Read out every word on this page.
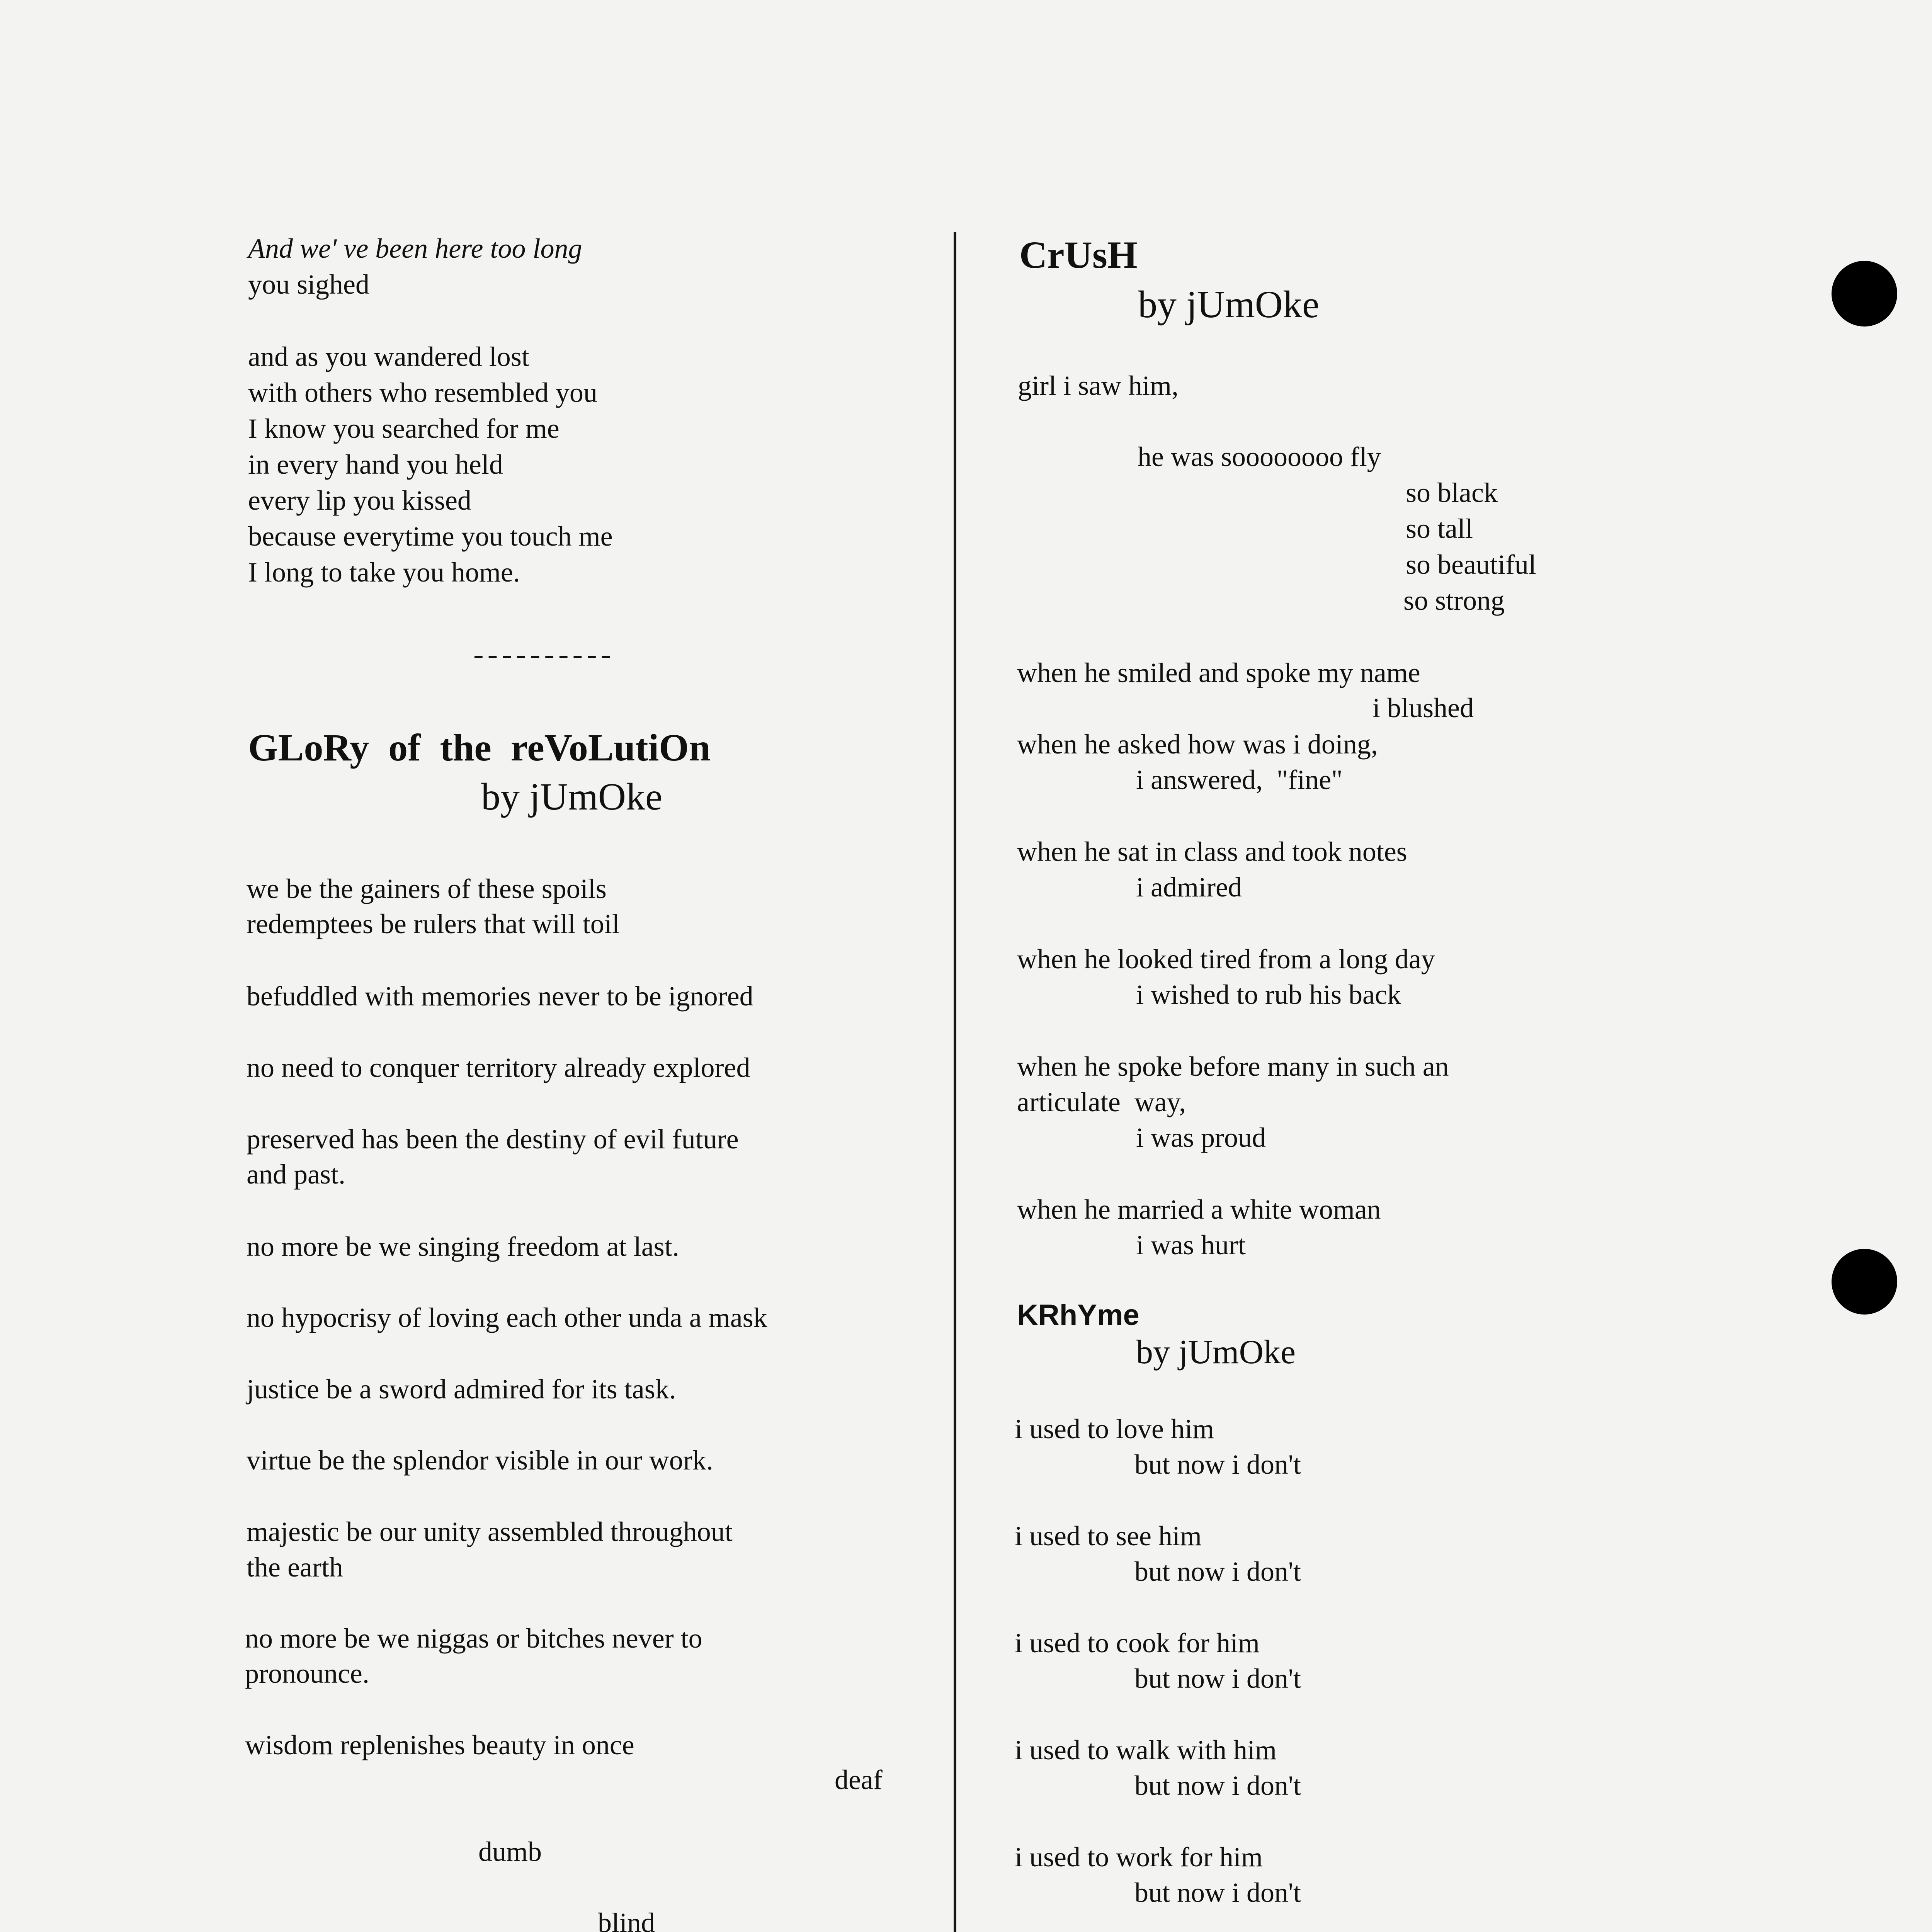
And we' ve been here too long
you sighed
and as you wandered lost
with others who resembled you
I know you searched for me
in every hand you held
every lip you kissed
because everytime you touch me
I long to take you home.
----------
GLoRy  of  the  reVoLutiOn
by jUmOke
we be the gainers of these spoils
redemptees be rulers that will toil
befuddled with memories never to be ignored
no need to conquer territory already explored
preserved has been the destiny of evil future
and past.
no more be we singing freedom at last.
no hypocrisy of loving each other unda a mask
justice be a sword admired for its task.
virtue be the splendor visible in our work.
majestic be our unity assembled throughout
the earth
no more be we niggas or bitches never to
pronounce.
wisdom replenishes beauty in once
deaf
dumb
blind
CrUsH
by jUmOke
girl i saw him,
he was soooooooo fly
so black
so tall
so beautiful
so strong
when he smiled and spoke my name
i blushed
when he asked how was i doing,
i answered,  "fine"
when he sat in class and took notes
i admired
when he looked tired from a long day
i wished to rub his back
when he spoke before many in such an
articulate  way,
i was proud
when he married a white woman
i was hurt
KRhYme
by jUmOke
i used to love him
but now i don't
i used to see him
but now i don't
i used to cook for him
but now i don't
i used to walk with him
but now i don't
i used to work for him
but now i don't
